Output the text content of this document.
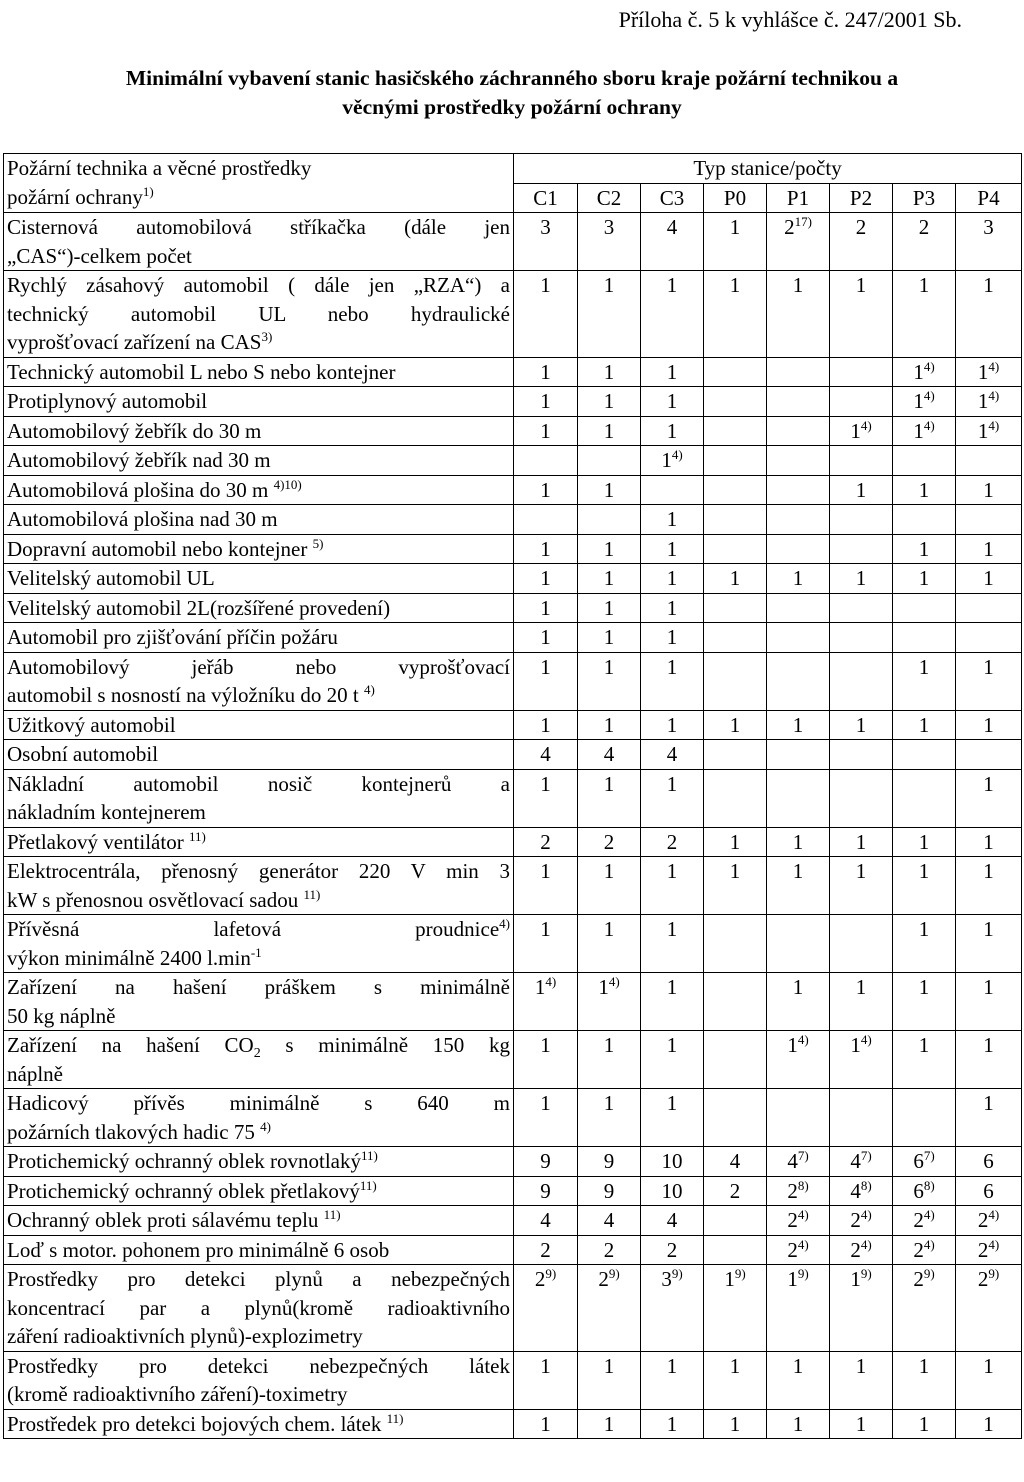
Příloha č. 5 k vyhlášce č. 247/2001 Sb.
Minimální vybavení stanic hasičského záchranného sboru kraje požární technikou a
věcnými prostředky požární ochrany
Požární technika a věcné prostředky
požární ochrany$^{1)}$	Typ stanice/počty							
	C1	C2	C3	P0	P1	P2	P3	P4

Cisternová automobilová stříkačka (dále jen
„CAS“)-celkem počet	3	3	4	1	2$^{17)}$	2	2	3

Rychlý zásahový automobil ( dále jen „RZA“) a
technický automobil UL nebo hydraulické
vyprošťovací zařízení na CAS$^{3)}$	1	1	1	1	1	1	1	1

Technický automobil L nebo S nebo kontejner	1	1	1				1$^{4)}$	1$^{4)}$

Protiplynový automobil	1	1	1				1$^{4)}$	1$^{4)}$

Automobilový žebřík do 30 m	1	1	1			1$^{4)}$	1$^{4)}$	1$^{4)}$

Automobilový žebřík nad 30 m			1$^{4)}$					

Automobilová plošina do 30 m $^{4)10)}$	1	1				1	1	1

Automobilová plošina nad 30 m			1					

Dopravní automobil nebo kontejner $^{5)}$	1	1	1				1	1

Velitelský automobil UL	1	1	1	1	1	1	1	1

Velitelský automobil 2L(rozšířené provedení)	1	1	1					

Automobil pro zjišťování příčin požáru	1	1	1					

Automobilový jeřáb nebo vyprošťovací
automobil s nosností na výložníku do 20 t $^{4)}$	1	1	1				1	1

Užitkový automobil	1	1	1	1	1	1	1	1

Osobní automobil	4	4	4					

Nákladní automobil nosič kontejnerů a
nákladním kontejnerem	1	1	1					1

Přetlakový ventilátor $^{11)}$	2	2	2	1	1	1	1	1

Elektrocentrála, přenosný generátor 220 V min 3
kW s přenosnou osvětlovací sadou $^{11)}$	1	1	1	1	1	1	1	1

Přívěsná lafetová proudnice$^{4)}$
výkon minimálně 2400 $l.\min^{-1}$	1	1	1				1	1

Zařízení na hašení práškem s minimálně
50 kg náplně	1$^{4)}$	1$^{4)}$	1		1	1	1	1

Zařízení na hašení $CO_2$ s minimálně 150 kg
náplně	1	1	1		1$^{4)}$	1$^{4)}$	1	1

Hadicový přívěs minimálně s 640 m
požárních tlakových hadic 75 $^{4)}$	1	1	1					1

Protichemický ochranný oblek rovnotlaký$^{11)}$	9	9	10	4	4$^{7)}$	4$^{7)}$	6$^{7)}$	6

Protichemický ochranný oblek přetlakový$^{11)}$	9	9	10	2	2$^{8)}$	4$^{8)}$	6$^{8)}$	6

Ochranný oblek proti sálavému teplu $^{11)}$	4	4	4		2$^{4)}$	2$^{4)}$	2$^{4)}$	2$^{4)}$

Loď s motor. pohonem pro minimálně 6 osob	2	2	2		2$^{4)}$	2$^{4)}$	2$^{4)}$	2$^{4)}$

Prostředky pro detekci plynů a nebezpečných
koncentrací par a plynů(kromě radioaktivního
záření radioaktivních plynů)-explozimetry	2$^{9)}$	2$^{9)}$	3$^{9)}$	1$^{9)}$	1$^{9)}$	1$^{9)}$	2$^{9)}$	2$^{9)}$

Prostředky pro detekci nebezpečných látek
(kromě radioaktivního záření)-toximetry	1	1	1	1	1	1	1	1

Prostředek pro detekci bojových chem. látek $^{11)}$	1	1	1	1	1	1	1	1
